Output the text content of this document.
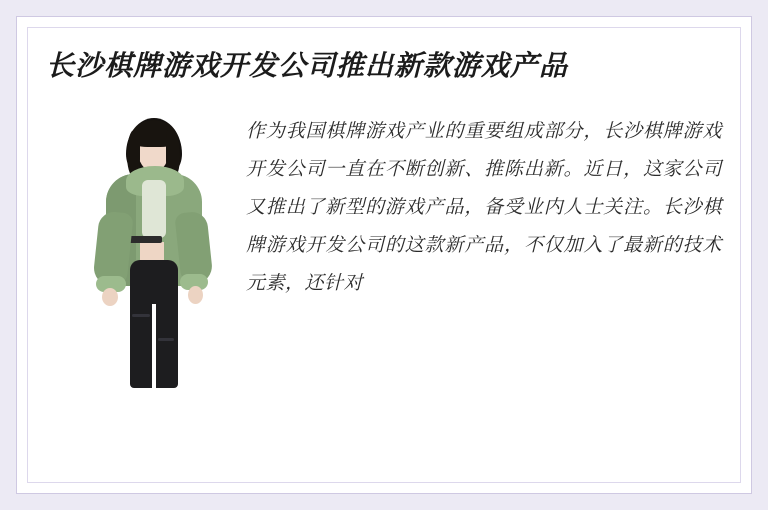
长沙棋牌游戏开发公司推出新款游戏产品

作为我国棋牌游戏产业的重要组成部分，长沙棋牌游戏开发公司一直在不断创新、推陈出新。近日，这家公司又推出了新型的游戏产品，备受业内人士关注。长沙棋牌游戏开发公司的这款新产品，不仅加入了最新的技术元素，还针对
